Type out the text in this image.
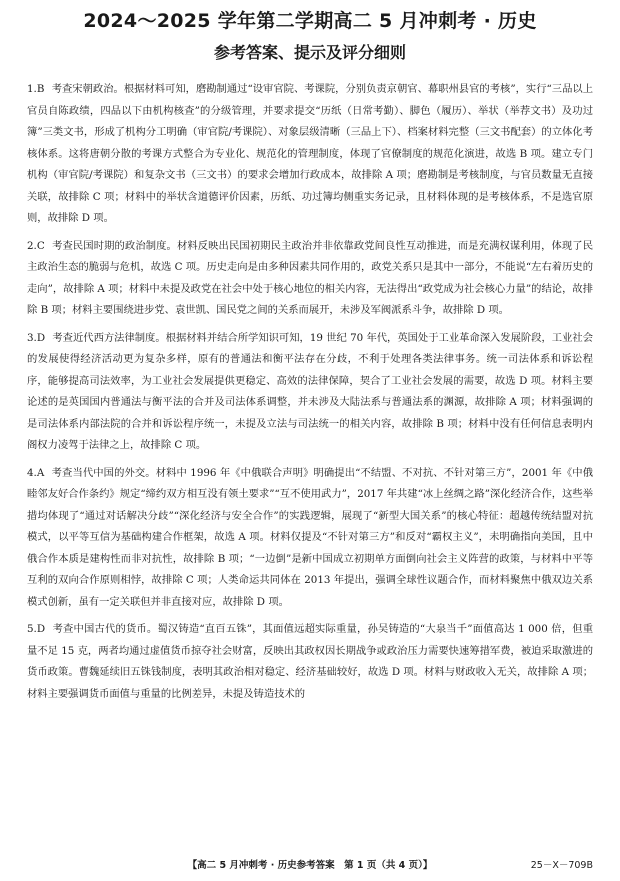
2024～2025 学年第二学期高二 5 月冲刺考 · 历史
参考答案、提示及评分细则

1.B 考查宋朝政治。根据材料可知，磨勘制通过“设审官院、考课院，分别负责京朝官、幕职州县官的考核”，实行“三品以上官员自陈政绩，四品以下由机构核查”的分级管理，并要求提交“历纸（日常考勤）、脚色（履历）、举状（举荐文书）及功过簿”三类文书，形成了机构分工明确（审官院/考课院）、对象层级清晰（三品上下）、档案材料完整（三文书配套）的立体化考核体系。这将唐朝分散的考课方式整合为专业化、规范化的管理制度，体现了官僚制度的规范化演进，故选 B 项。建立专门机构（审官院/考课院）和复杂文书（三文书）的要求会增加行政成本，故排除 A 项；磨勘制是考核制度，与官员数量无直接关联，故排除 C 项；材料中的举状含道德评价因素，历纸、功过簿均侧重实务记录，且材料体现的是考核体系，不是选官原则，故排除 D 项。

2.C 考查民国时期的政治制度。材料反映出民国初期民主政治并非依靠政党间良性互动推进，而是充满权谋利用，体现了民主政治生态的脆弱与危机，故选 C 项。历史走向是由多种因素共同作用的，政党关系只是其中一部分，不能说“左右着历史的走向”，故排除 A 项；材料中未提及政党在社会中处于核心地位的相关内容，无法得出“政党成为社会核心力量”的结论，故排除 B 项；材料主要围绕进步党、袁世凯、国民党之间的关系而展开，未涉及军阀派系斗争，故排除 D 项。

3.D 考查近代西方法律制度。根据材料并结合所学知识可知，19 世纪 70 年代，英国处于工业革命深入发展阶段，工业社会的发展使得经济活动更为复杂多样，原有的普通法和衡平法存在分歧，不利于处理各类法律事务。统一司法体系和诉讼程序，能够提高司法效率，为工业社会发展提供更稳定、高效的法律保障，契合了工业社会发展的需要，故选 D 项。材料主要论述的是英国国内普通法与衡平法的合并及司法体系调整，并未涉及大陆法系与普通法系的渊源，故排除 A 项；材料强调的是司法体系内部法院的合并和诉讼程序统一，未提及立法与司法统一的相关内容，故排除 B 项；材料中没有任何信息表明内阁权力凌驾于法律之上，故排除 C 项。

4.A 考查当代中国的外交。材料中 1996 年《中俄联合声明》明确提出“不结盟、不对抗、不针对第三方”，2001 年《中俄睦邻友好合作条约》规定“缔约双方相互没有领土要求”“互不使用武力”，2017 年共建“冰上丝绸之路”深化经济合作，这些举措均体现了“通过对话解决分歧”“深化经济与安全合作”的实践逻辑，展现了“新型大国关系”的核心特征：超越传统结盟对抗模式，以平等互信为基础构建合作框架，故选 A 项。材料仅提及“不针对第三方”和反对“霸权主义”，未明确指向美国，且中俄合作本质是建构性而非对抗性，故排除 B 项；“一边倒”是新中国成立初期单方面倒向社会主义阵营的政策，与材料中平等互利的双向合作原则相悖，故排除 C 项；人类命运共同体在 2013 年提出，强调全球性议题合作，而材料聚焦中俄双边关系模式创新，虽有一定关联但并非直接对应，故排除 D 项。

5.D 考查中国古代的货币。蜀汉铸造“直百五铢”，其面值远超实际重量，孙吴铸造的“大泉当千”面值高达 1 000 倍，但重量不足 15 克，两者均通过虚值货币掠夺社会财富，反映出其政权因长期战争或政治压力需要快速筹措军费，被迫采取激进的货币政策。曹魏延续旧五铢钱制度，表明其政治相对稳定、经济基础较好，故选 D 项。材料与财政收入无关，故排除 A 项；材料主要强调货币面值与重量的比例差异，未提及铸造技术的

【高二 5 月冲刺考 · 历史参考答案　第 1 页（共 4 页）】	25－X－709B
